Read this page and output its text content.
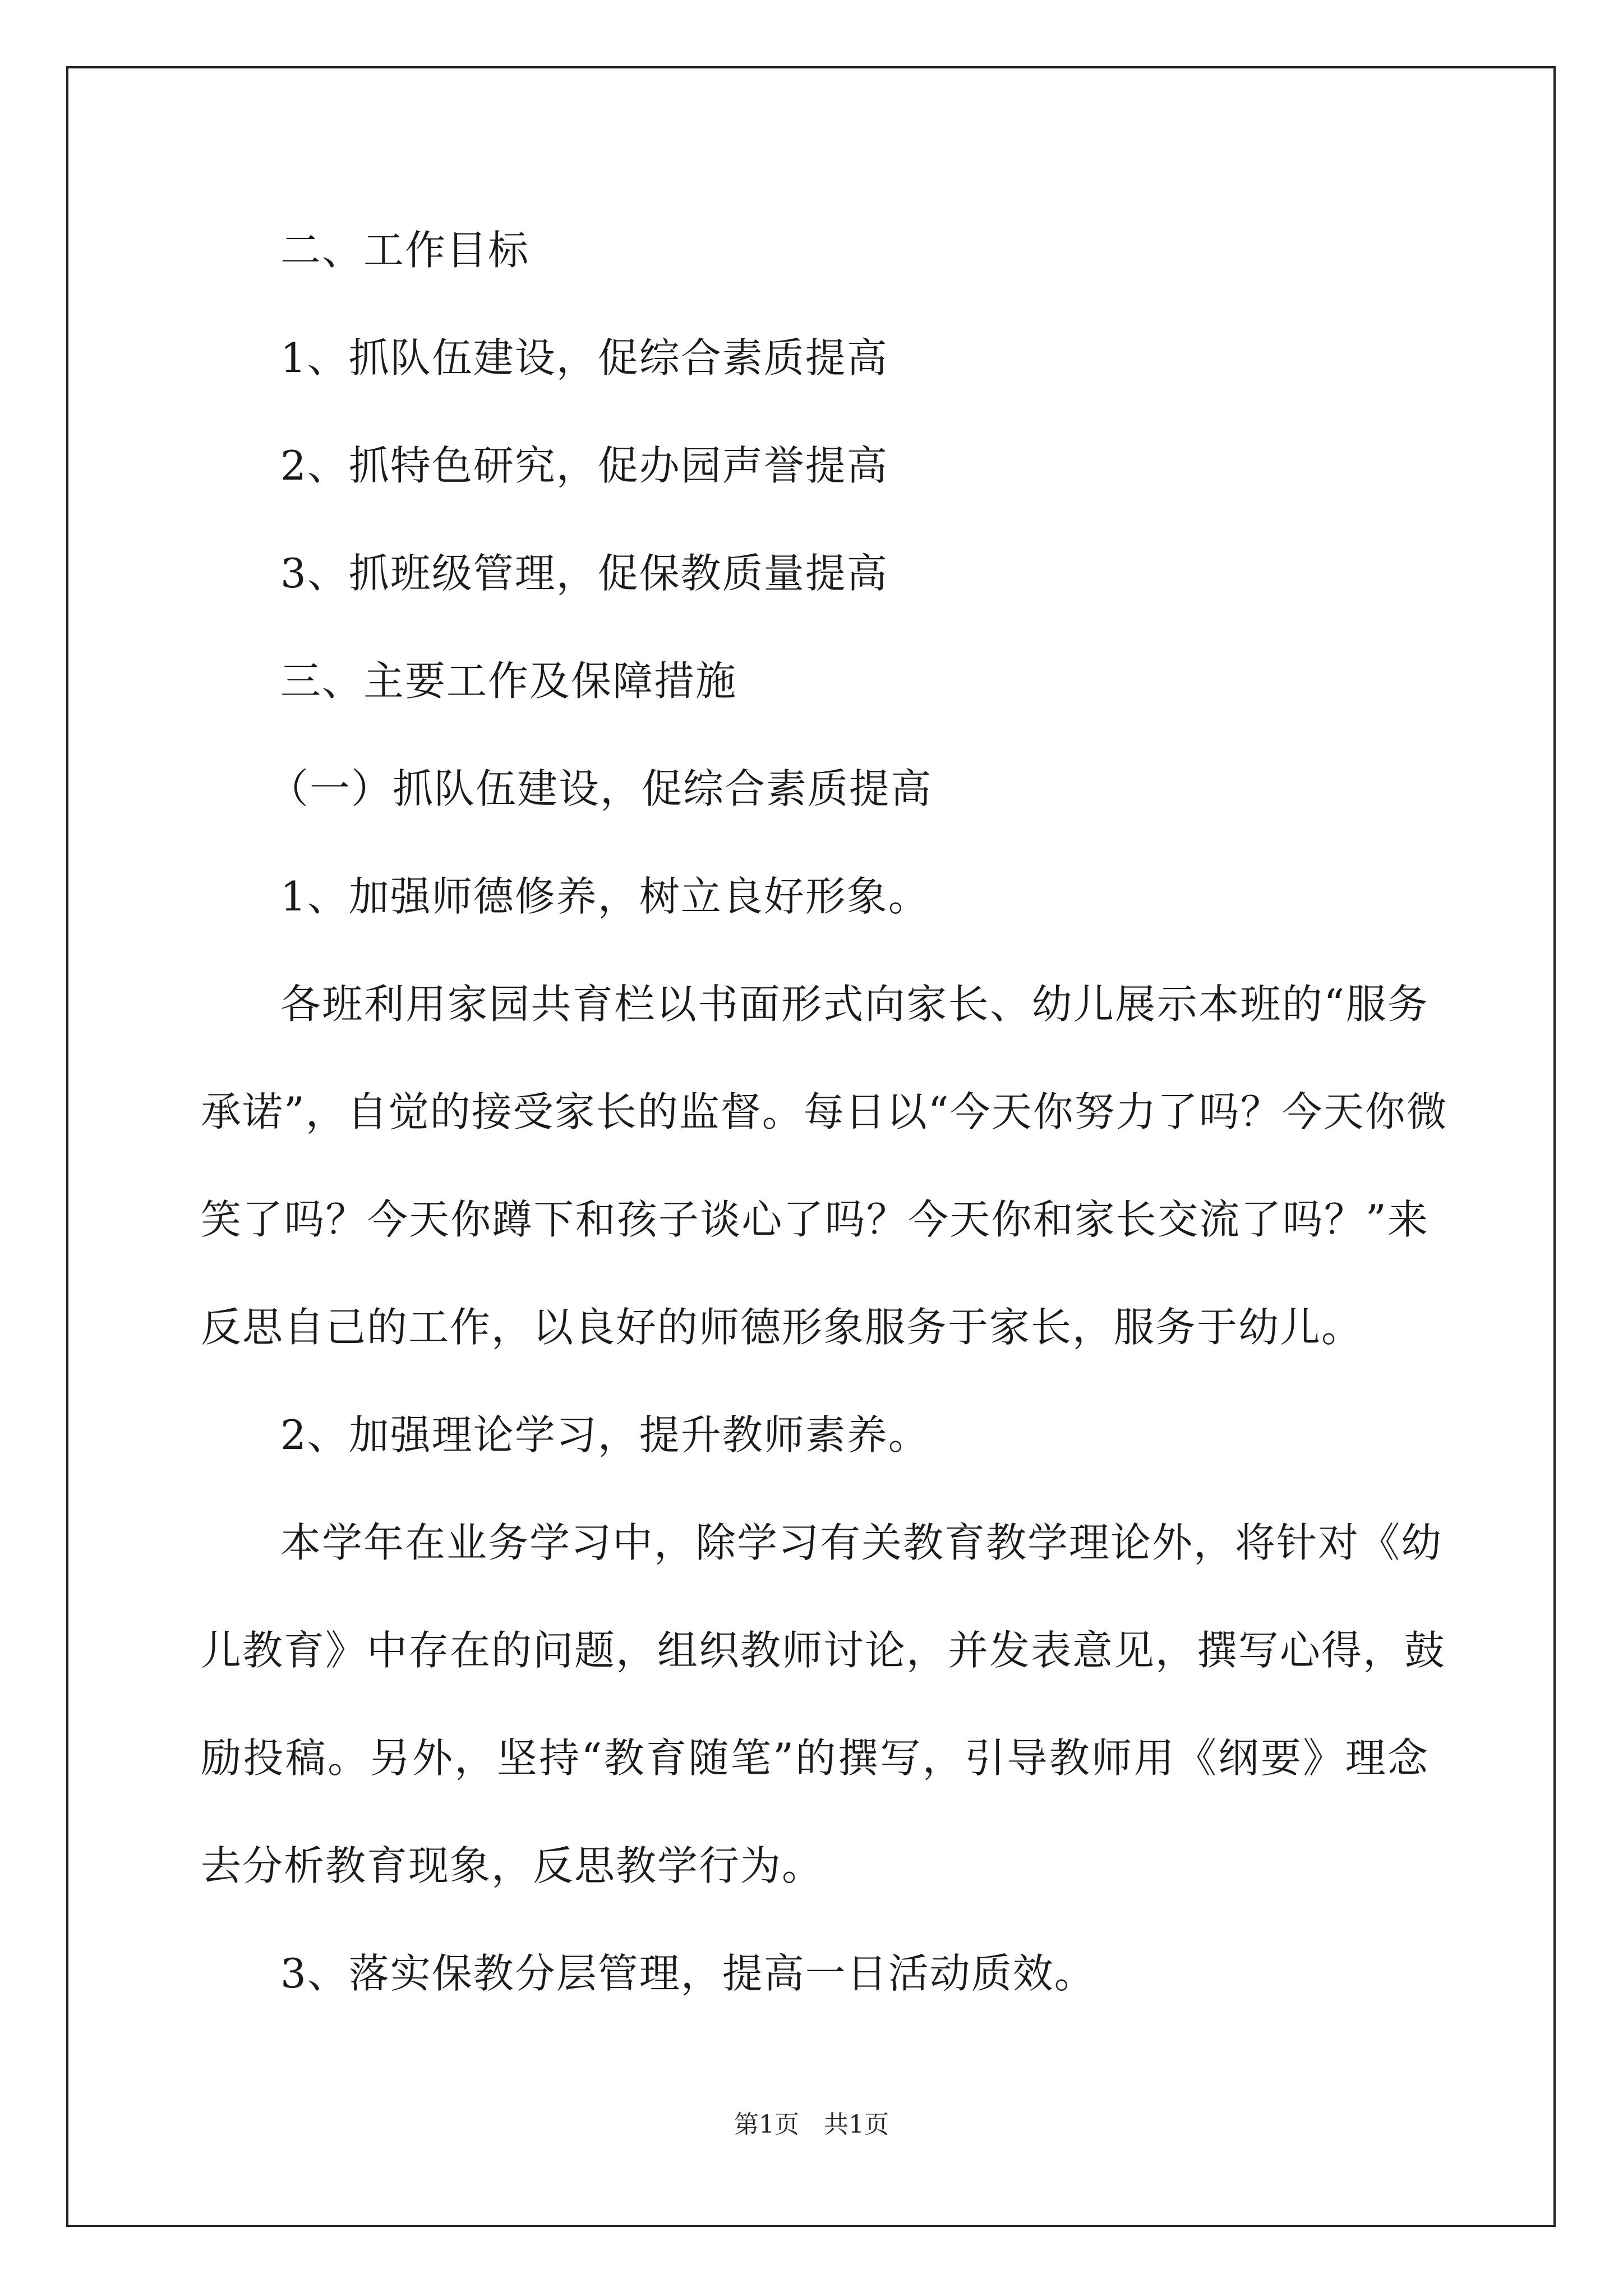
二、工作目标
1、抓队伍建设，促综合素质提高
2、抓特色研究，促办园声誉提高
3、抓班级管理，促保教质量提高
三、主要工作及保障措施
（一）抓队伍建设，促综合素质提高
1、加强师德修养，树立良好形象。
各班利用家园共育栏以书面形式向家长、幼儿展示本班的“服务
承诺”，自觉的接受家长的监督。每日以“今天你努力了吗？今天你微
笑了吗？今天你蹲下和孩子谈心了吗？今天你和家长交流了吗？”来
反思自己的工作，以良好的师德形象服务于家长，服务于幼儿。
2、加强理论学习，提升教师素养。
本学年在业务学习中，除学习有关教育教学理论外，将针对《幼
儿教育》中存在的问题，组织教师讨论，并发表意见，撰写心得，鼓
励投稿。另外，坚持“教育随笔”的撰写，引导教师用《纲要》理念
去分析教育现象，反思教学行为。
3、落实保教分层管理，提高一日活动质效。
第1页　共1页
